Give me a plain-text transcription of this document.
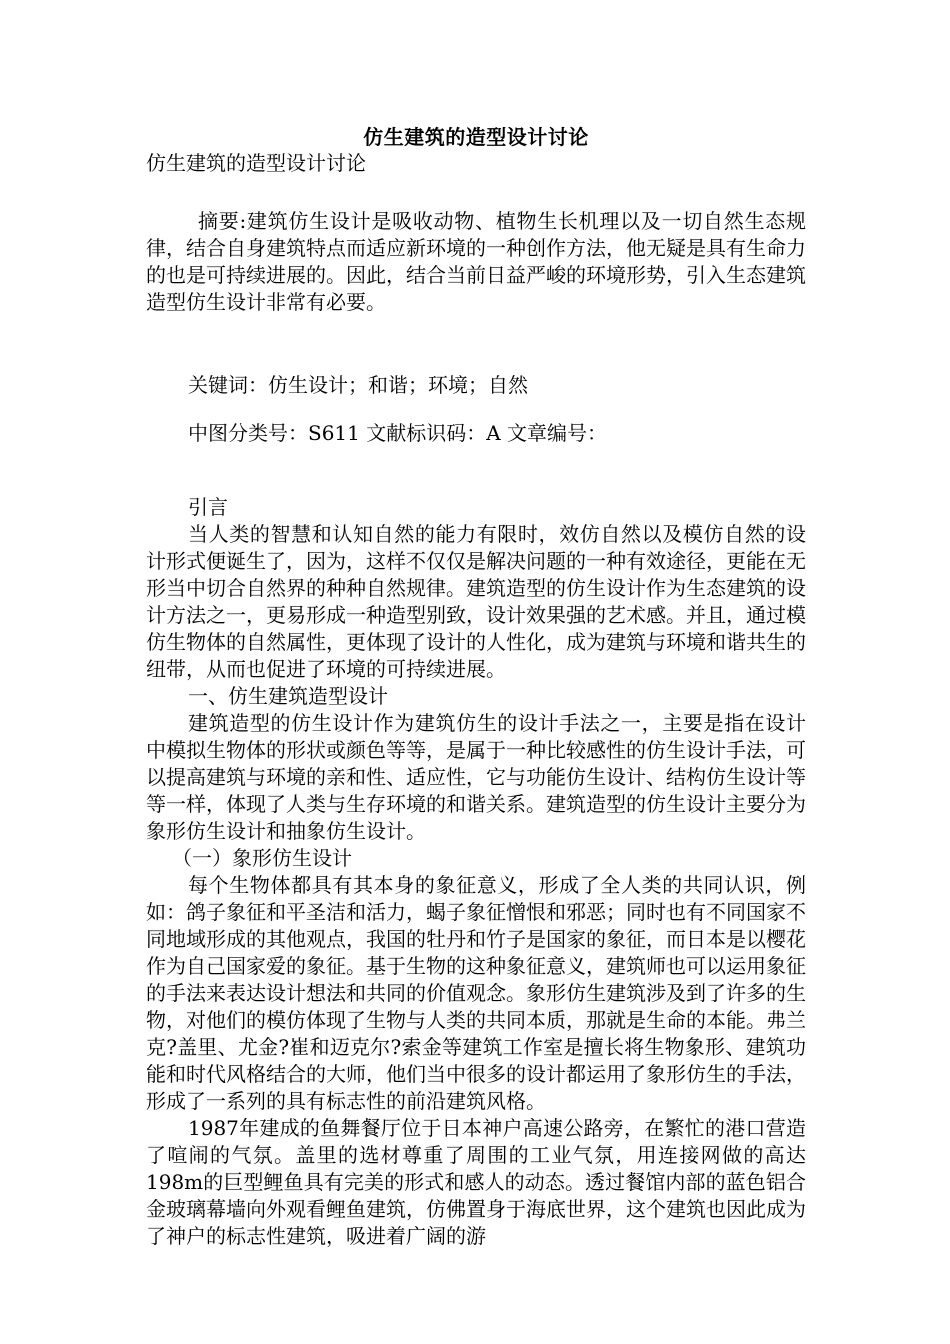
仿生建筑的造型设计讨论

仿生建筑的造型设计讨论

摘要:建筑仿生设计是吸收动物、植物生长机理以及一切自然生态规律，结合自身建筑特点而适应新环境的一种创作方法，他无疑是具有生命力的也是可持续进展的。因此，结合当前日益严峻的环境形势，引入生态建筑造型仿生设计非常有必要。

关键词：仿生设计；和谐；环境；自然

中图分类号：S611 文献标识码：A 文章编号：

引言

当人类的智慧和认知自然的能力有限时，效仿自然以及模仿自然的设计形式便诞生了，因为，这样不仅仅是解决问题的一种有效途径，更能在无形当中切合自然界的种种自然规律。建筑造型的仿生设计作为生态建筑的设计方法之一，更易形成一种造型别致，设计效果强的艺术感。并且，通过模仿生物体的自然属性，更体现了设计的人性化，成为建筑与环境和谐共生的纽带，从而也促进了环境的可持续进展。

一、仿生建筑造型设计

建筑造型的仿生设计作为建筑仿生的设计手法之一，主要是指在设计中模拟生物体的形状或颜色等等，是属于一种比较感性的仿生设计手法，可以提高建筑与环境的亲和性、适应性，它与功能仿生设计、结构仿生设计等等一样，体现了人类与生存环境的和谐关系。建筑造型的仿生设计主要分为象形仿生设计和抽象仿生设计。

（一）象形仿生设计

每个生物体都具有其本身的象征意义，形成了全人类的共同认识，例如：鸽子象征和平圣洁和活力，蝎子象征憎恨和邪恶；同时也有不同国家不同地域形成的其他观点，我国的牡丹和竹子是国家的象征，而日本是以樱花作为自己国家爱的象征。基于生物的这种象征意义，建筑师也可以运用象征的手法来表达设计想法和共同的价值观念。象形仿生建筑涉及到了许多的生物，对他们的模仿体现了生物与人类的共同本质，那就是生命的本能。弗兰克?盖里、尤金?崔和迈克尔?索金等建筑工作室是擅长将生物象形、建筑功能和时代风格结合的大师，他们当中很多的设计都运用了象形仿生的手法，形成了一系列的具有标志性的前沿建筑风格。

1987年建成的鱼舞餐厅位于日本神户高速公路旁，在繁忙的港口营造了喧闹的气氛。盖里的选材尊重了周围的工业气氛，用连接网做的高达198m的巨型鲤鱼具有完美的形式和感人的动态。透过餐馆内部的蓝色铝合金玻璃幕墙向外观看鲤鱼建筑，仿佛置身于海底世界，这个建筑也因此成为了神户的标志性建筑，吸进着广阔的游
